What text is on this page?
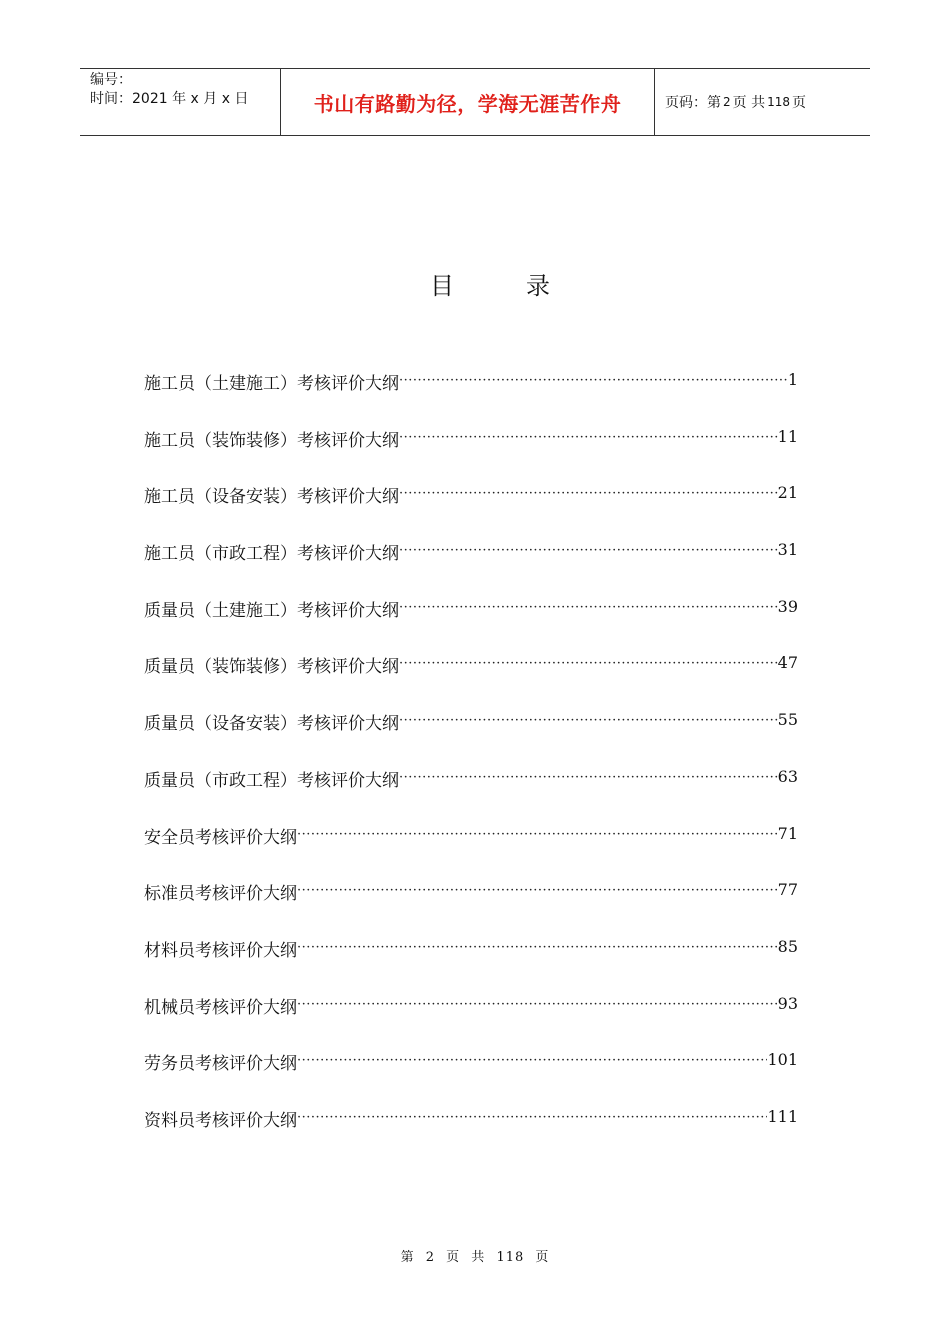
编号：
时间：2021 年 x 月 x 日	书山有路勤为径，学海无涯苦作舟	页码：第 2 页 共 118 页
目	录
施工员（土建施工）考核评价大纲 ·····	1
施工员（装饰装修）考核评价大纲 ·····	11
施工员（设备安装）考核评价大纲 ·····	21
施工员（市政工程）考核评价大纲 ·····	31
质量员（土建施工）考核评价大纲 ·····	39
质量员（装饰装修）考核评价大纲 ·····	47
质量员（设备安装）考核评价大纲 ·····	55
质量员（市政工程）考核评价大纲 ·····	63
安全员考核评价大纲 ·····	71
标准员考核评价大纲 ·····	77
材料员考核评价大纲 ·····	85
机械员考核评价大纲 ·····	93
劳务员考核评价大纲 ·····	101
资料员考核评价大纲 ·····	111
第 2 页 共 118 页
